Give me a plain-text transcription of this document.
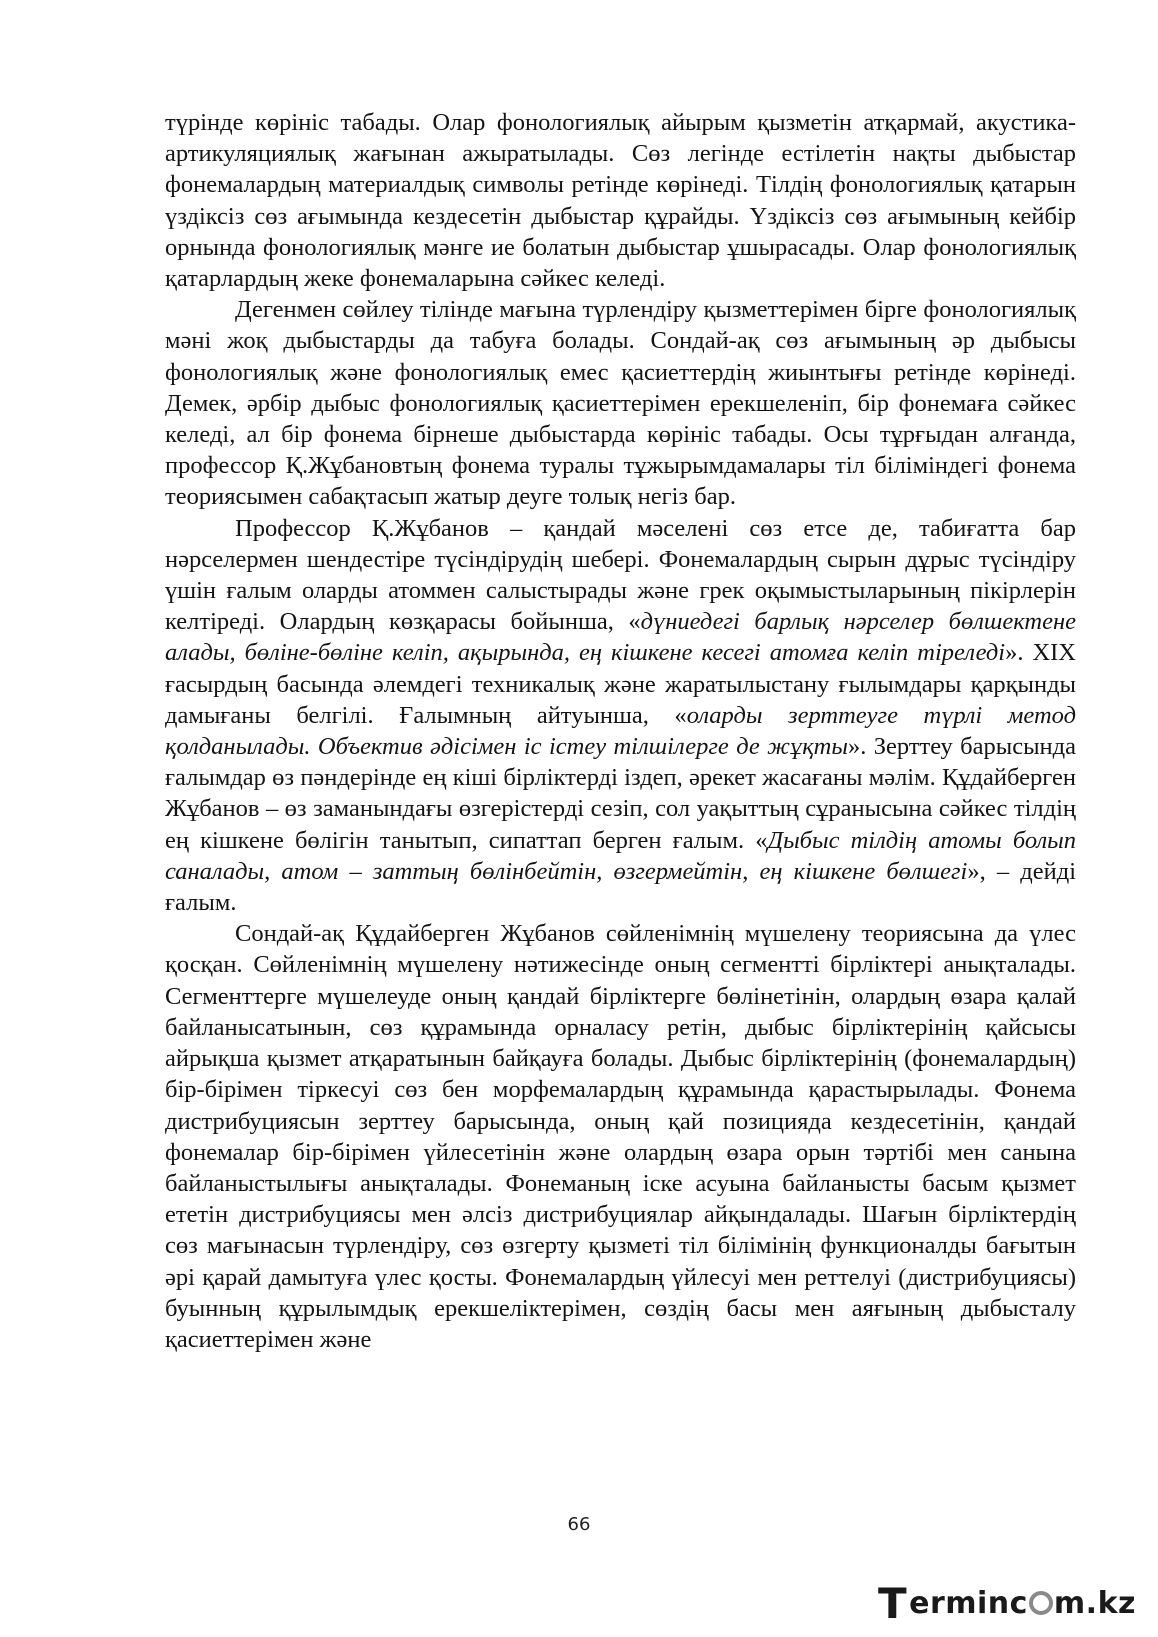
түрінде көрініс табады. Олар фонологиялық айырым қызметін атқармай, акустика-артикуляциялық жағынан ажыратылады. Сөз легінде естілетін нақты дыбыстар фонемалардың материалдық символы ретінде көрінеді. Тілдің фонологиялық қатарын үздіксіз сөз ағымында кездесетін дыбыстар құрайды. Үздіксіз сөз ағымының кейбір орнында фонологиялық мәнге ие болатын дыбыстар ұшырасады. Олар фонологиялық қатарлардың жеке фонемаларына сәйкес келеді.

Дегенмен сөйлеу тілінде мағына түрлендіру қызметтерімен бірге фонологиялық мәні жоқ дыбыстарды да табуға болады. Сондай-ақ сөз ағымының әр дыбысы фонологиялық және фонологиялық емес қасиеттердің жиынтығы ретінде көрінеді. Демек, әрбір дыбыс фонологиялық қасиеттерімен ерекшеленіп, бір фонемаға сәйкес келеді, ал бір фонема бірнеше дыбыстарда көрініс табады. Осы тұрғыдан алғанда, профессор Қ.Жұбановтың фонема туралы тұжырымдамалары тіл біліміндегі фонема теориясымен сабақтасып жатыр деуге толық негіз бар.

Профессор Қ.Жұбанов – қандай мәселені сөз етсе де, табиғатта бар нәрселермен шендестіре түсіндірудің шебері. Фонемалардың сырын дұрыс түсіндіру үшін ғалым оларды атоммен салыстырады және грек оқымыстыларының пікірлерін келтіреді. Олардың көзқарасы бойынша, «дүниедегі барлық нәрселер бөлшектене алады, бөліне-бөліне келіп, ақырында, ең кішкене кесегі атомға келіп тіреледі». XIX ғасырдың басында әлемдегі техникалық және жаратылыстану ғылымдары қарқынды дамығаны белгілі. Ғалымның айтуынша, «оларды зерттеуге түрлі метод қолданылады. Объектив әдісімен іс істеу тілшілерге де жұқты». Зерттеу барысында ғалымдар өз пәндерінде ең кіші бірліктерді іздеп, әрекет жасағаны мәлім. Құдайберген Жұбанов – өз заманындағы өзгерістерді сезіп, сол уақыттың сұранысына сәйкес тілдің ең кішкене бөлігін танытып, сипаттап берген ғалым. «Дыбыс тілдің атомы болып саналады, атом – заттың бөлінбейтін, өзгермейтін, ең кішкене бөлшегі», – дейді ғалым.

Сондай-ақ Құдайберген Жұбанов сөйленімнің мүшелену теориясына да үлес қосқан. Сөйленімнің мүшелену нәтижесінде оның сегментті бірліктері анықталады. Сегменттерге мүшелеуде оның қандай бірліктерге бөлінетінін, олардың өзара қалай байланысатынын, сөз құрамында орналасу ретін, дыбыс бірліктерінің қайсысы айрықша қызмет атқаратынын байқауға болады. Дыбыс бірліктерінің (фонемалардың) бір-бірімен тіркесуі сөз бен морфемалардың құрамында қарастырылады. Фонема дистрибуциясын зерттеу барысында, оның қай позицияда кездесетінін, қандай фонемалар бір-бірімен үйлесетінін және олардың өзара орын тәртібі мен санына байланыстылығы анықталады. Фонеманың іске асуына байланысты басым қызмет ететін дистрибуциясы мен әлсіз дистрибуциялар айқындалады. Шағын бірліктердің сөз мағынасын түрлендіру, сөз өзгерту қызметі тіл білімінің функционалды бағытын әрі қарай дамытуға үлес қосты. Фонемалардың үйлесуі мен реттелуі (дистрибуциясы) буынның құрылымдық ерекшеліктерімен, сөздің басы мен аяғының дыбысталу қасиеттерімен және

66
T erminc m.kz
